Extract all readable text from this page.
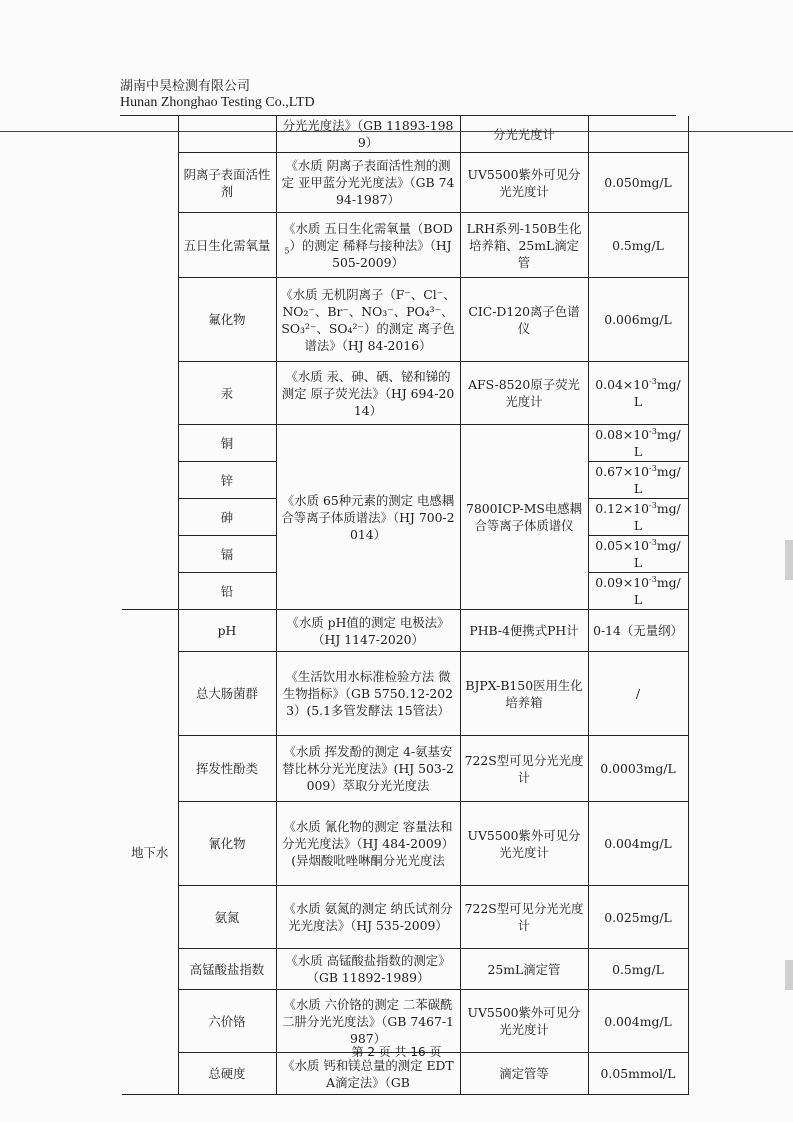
湖南中昊检测有限公司
Hunan Zhonghao Testing Co.,LTD
		分光光度法》（GB 11893-1989）	分光光度计	
	阴离子表面活性剂	《水质 阴离子表面活性剂的测定 亚甲蓝分光光度法》（GB 7494-1987）	UV5500紫外可见分光光度计	0.050mg/L
	五日生化需氧量	《水质 五日生化需氧量$(BOD_5)$的测定 稀释与接种法》（HJ 505-2009）	LRH系列-150B生化培养箱、25mL滴定管	0.5mg/L
	氟化物	《水质 无机阴离子（F⁻、Cl⁻、NO₂⁻、Br⁻、NO₃⁻、PO₄³⁻、SO₃²⁻、SO₄²⁻）的测定 离子色谱法》（HJ 84-2016）	CIC-D120离子色谱仪	0.006mg/L
	汞	《水质 汞、砷、硒、铋和锑的测定 原子荧光法》（HJ 694-2014）	AFS-8520原子荧光光度计	$0.04\times 10^{-3}mg/L$
	铜	《水质 65种元素的测定 电感耦合等离子体质谱法》（HJ 700-2014）	7800ICP-MS电感耦合等离子体质谱仪	$0.08\times 10^{-3}mg/L$
	锌			$0.67\times 10^{-3}mg/L$
	砷			$0.12\times 10^{-3}mg/L$
	镉			$0.05\times 10^{-3}mg/L$
	铅			$0.09\times 10^{-3}mg/L$
地下水	pH	《水质 pH值的测定 电极法》（HJ 1147-2020）	PHB-4便携式PH计	0-14（无量纲）
	总大肠菌群	《生活饮用水标准检验方法 微生物指标》（GB 5750.12-2023）(5.1多管发酵法 15管法）	BJPX-B150医用生化培养箱	/
	挥发性酚类	《水质 挥发酚的测定 4-氨基安替比林分光光度法》(HJ 503-2009）萃取分光光度法	722S型可见分光光度计	0.0003mg/L
	氰化物	《水质 氰化物的测定 容量法和分光光度法》（HJ 484-2009）(异烟酸吡唑啉酮分光光度法	UV5500紫外可见分光光度计	0.004mg/L
	氨氮	《水质 氨氮的测定 纳氏试剂分光光度法》（HJ 535-2009）	722S型可见分光光度计	0.025mg/L
	高锰酸盐指数	《水质 高锰酸盐指数的测定》（GB 11892-1989）	25mL滴定管	0.5mg/L
	六价铬	《水质 六价铬的测定 二苯碳酰二肼分光光度法》（GB 7467-1987）	UV5500紫外可见分光光度计	0.004mg/L
	总硬度	《水质 钙和镁总量的测定 EDTA滴定法》（GB	滴定管等	0.05mmol/L
第 2 页 共 16 页
